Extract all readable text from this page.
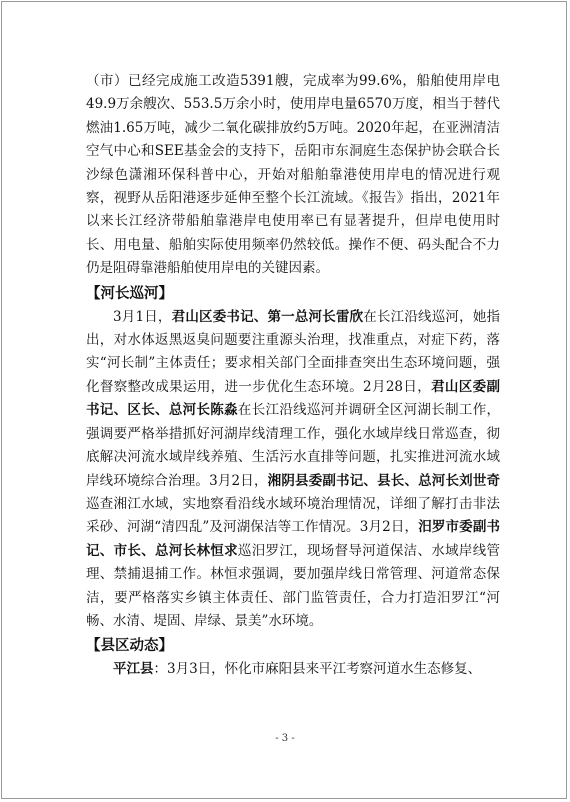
（市）已经完成施工改造5391艘，完成率为99.6%，船舶使用岸电49.9万余艘次、553.5万余小时，使用岸电量6570万度，相当于替代燃油1.65万吨，减少二氧化碳排放约5万吨。2020年起，在亚洲清洁空气中心和SEE基金会的支持下，岳阳市东洞庭生态保护协会联合长沙绿色潇湘环保科普中心，开始对船舶靠港使用岸电的情况进行观察，视野从岳阳港逐步延伸至整个长江流域。《报告》指出，2021年以来长江经济带船舶靠港岸电使用率已有显著提升，但岸电使用时长、用电量、船舶实际使用频率仍然较低。操作不便、码头配合不力仍是阻碍靠港船舶使用岸电的关键因素。

【河长巡河】

3月1日，君山区委书记、第一总河长雷欣在长江沿线巡河，她指出，对水体返黑返臭问题要注重源头治理，找准重点，对症下药，落实“河长制”主体责任；要求相关部门全面排查突出生态环境问题，强化督察整改成果运用，进一步优化生态环境。2月28日，君山区委副书记、区长、总河长陈淼在长江沿线巡河并调研全区河湖长制工作，强调要严格举措抓好河湖岸线清理工作，强化水域岸线日常巡查，彻底解决河流水域岸线养殖、生活污水直排等问题，扎实推进河流水域岸线环境综合治理。3月2日，湘阴县委副书记、县长、总河长刘世奇巡查湘江水域，实地察看沿线水域环境治理情况，详细了解打击非法采砂、河湖“清四乱”及河湖保洁等工作情况。3月2日，汨罗市委副书记、市长、总河长林恒求巡汨罗江，现场督导河道保洁、水域岸线管理、禁捕退捕工作。林恒求强调，要加强岸线日常管理、河道常态保洁，要严格落实乡镇主体责任、部门监管责任，合力打造汨罗江“河畅、水清、堤固、岸绿、景美”水环境。

【县区动态】

平江县：3月3日，怀化市麻阳县来平江考察河道水生态修复、

- 3 -
